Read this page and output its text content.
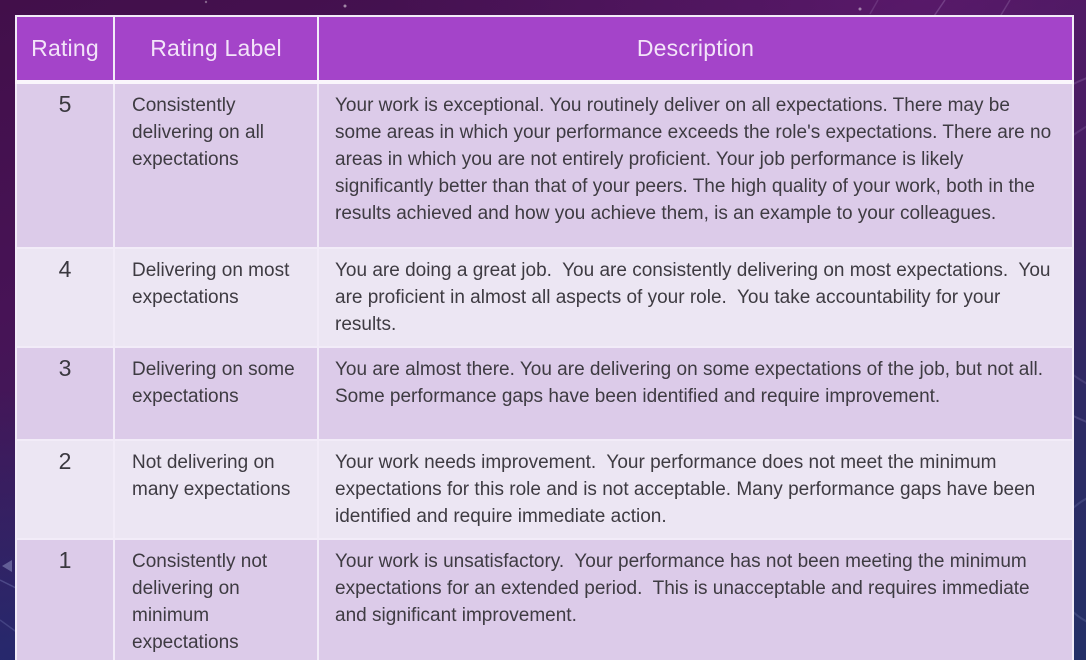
Rating	Rating Label	Description
5	Consistently delivering on all expectations	Your work is exceptional. You routinely deliver on all expectations. There may be some areas in which your performance exceeds the role's expectations. There are no areas in which you are not entirely proficient. Your job performance is likely significantly better than that of your peers. The high quality of your work, both in the results achieved and how you achieve them, is an example to your colleagues.
4	Delivering on most expectations	You are doing a great job.  You are consistently delivering on most expectations.  You are proficient in almost all aspects of your role.  You take accountability for your results.
3	Delivering on some expectations	You are almost there. You are delivering on some expectations of the job, but not all. Some performance gaps have been identified and require improvement.
2	Not delivering on many expectations	Your work needs improvement.  Your performance does not meet the minimum expectations for this role and is not acceptable. Many performance gaps have been identified and require immediate action.
1	Consistently not delivering on minimum expectations	Your work is unsatisfactory.  Your performance has not been meeting the minimum expectations for an extended period.  This is unacceptable and requires immediate and significant improvement.
